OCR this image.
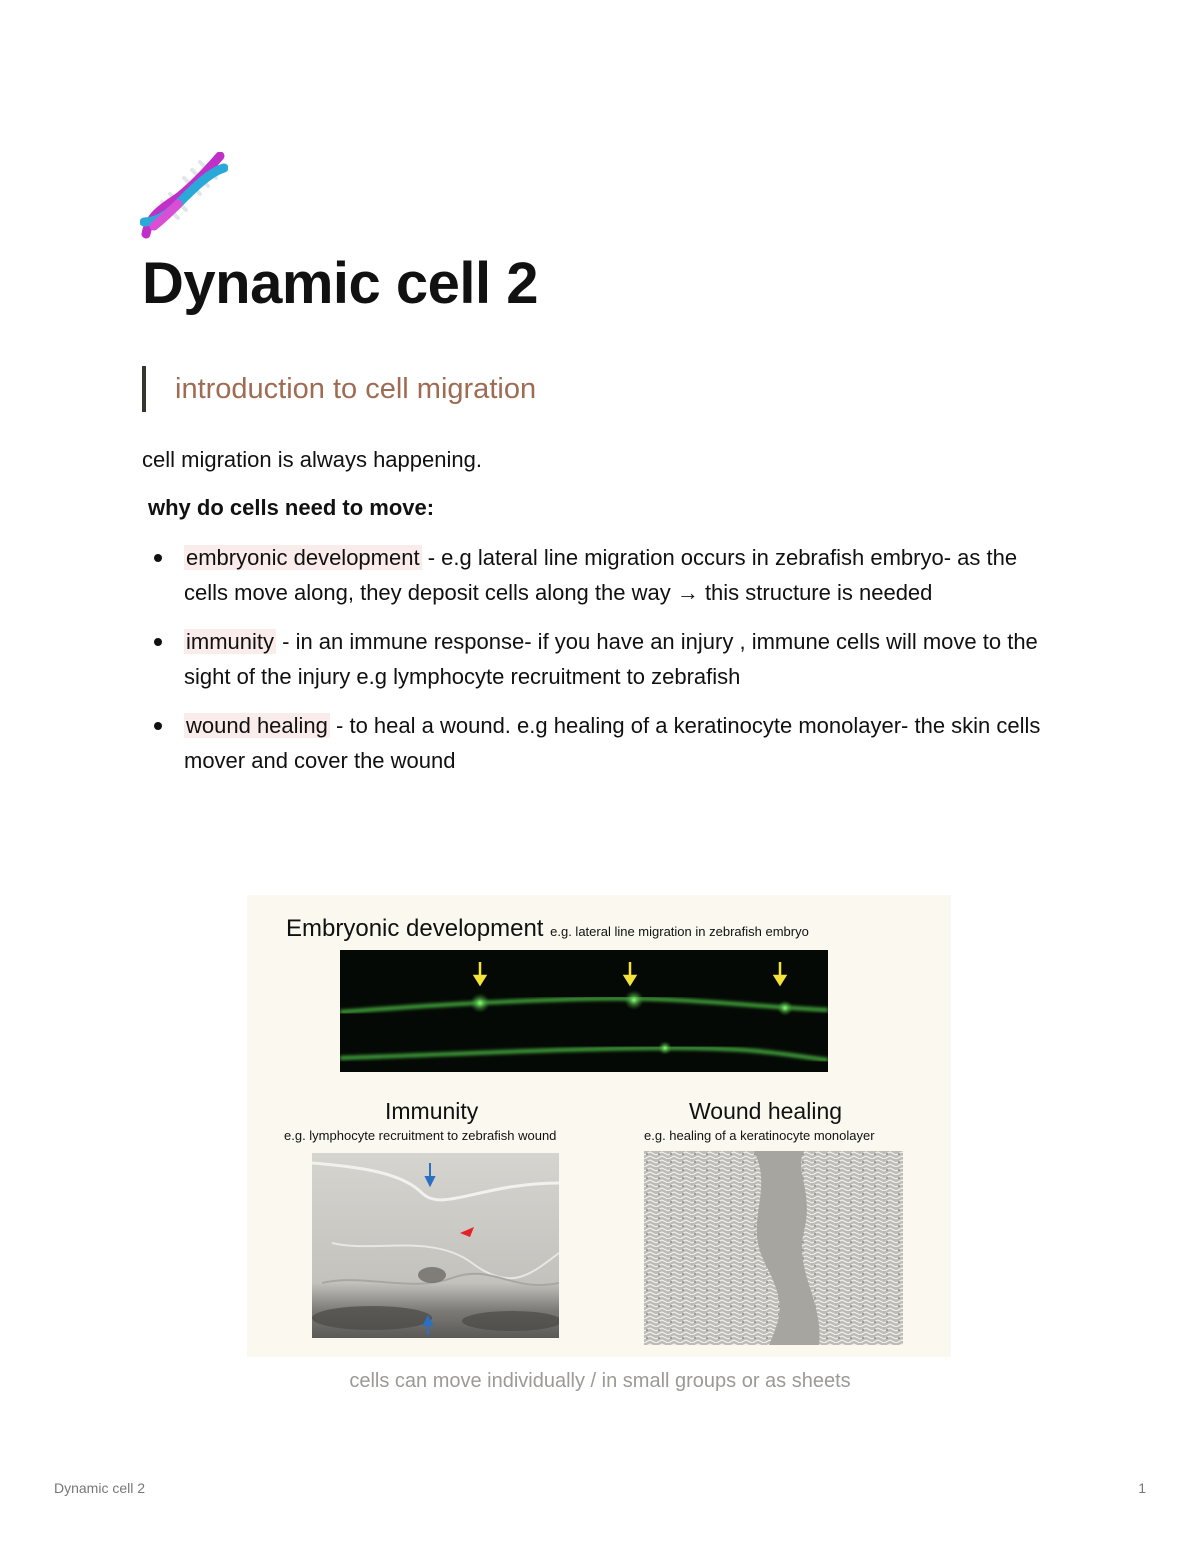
Dynamic cell 2
introduction to cell migration

cell migration is always happening.

why do cells need to move:

embryonic development - e.g lateral line migration occurs in zebrafish embryo- as the cells move along, they deposit cells along the way → this structure is needed
immunity - in an immune response- if you have an injury , immune cells will move to the sight of the injury e.g lymphocyte recruitment to zebrafish
wound healing - to heal a wound. e.g healing of a keratinocyte monolayer- the skin cells mover and cover the wound
Embryonic development e.g. lateral line migration in zebrafish embryo
Immunity
e.g. lymphocyte recruitment to zebrafish wound
Wound healing
e.g. healing of a keratinocyte monolayer
cells can move individually / in small groups or as sheets
Dynamic cell 2	1
